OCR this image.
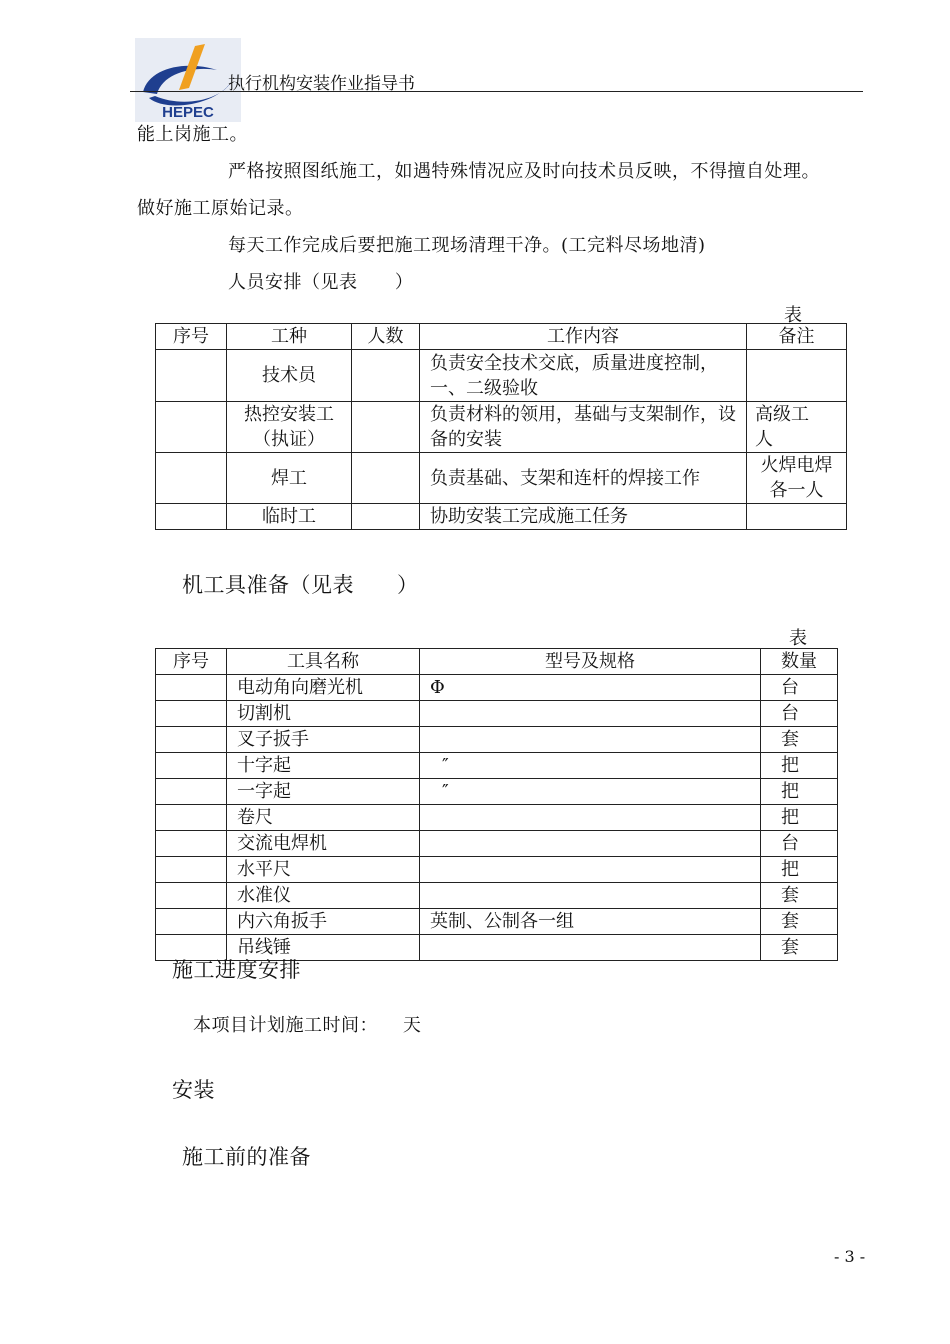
HEPEC
执行机构安装作业指导书
能上岗施工。
严格按照图纸施工，如遇特殊情况应及时向技术员反映，不得擅自处理。
做好施工原始记录。
每天工作完成后要把施工现场清理干净。(工完料尽场地清)
人员安排（见表      ）
表
序号	工种	人数	工作内容	备注
	技术员		负责安全技术交底，质量进度控制，一、二级验收	
	热控安装工（执证）		负责材料的领用，基础与支架制作，设备的安装	高级工人
	焊工		负责基础、支架和连杆的焊接工作	火焊电焊各一人
	临时工		协助安装工完成施工任务	
机工具准备（见表      ）
表
序号	工具名称	型号及规格	数量
	电动角向磨光机	Φ	台
	切割机		台
	叉子扳手		套
	十字起	″	把
	一字起	″	把
	卷尺		把
	交流电焊机		台
	水平尺		把
	水准仪		套
	内六角扳手	英制、公制各一组	套
	吊线锤		套
施工进度安排
本项目计划施工时间：    天
安装
施工前的准备
- 3 -
